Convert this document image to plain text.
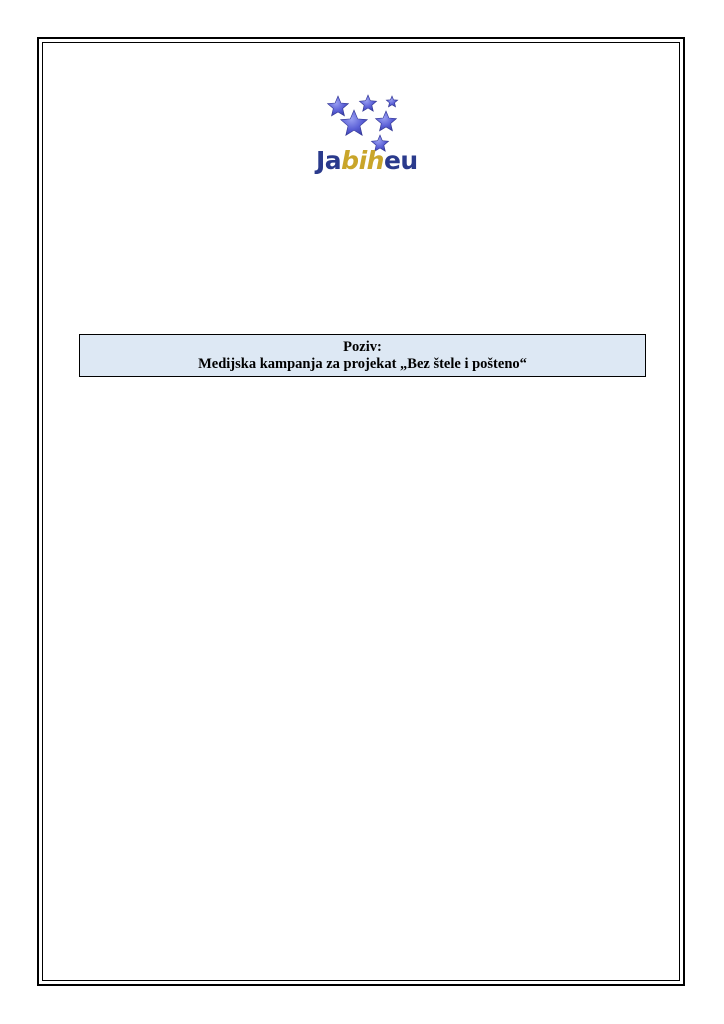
Jabiheu
Poziv:
Medijska kampanja za projekat „Bez štele i pošteno“
